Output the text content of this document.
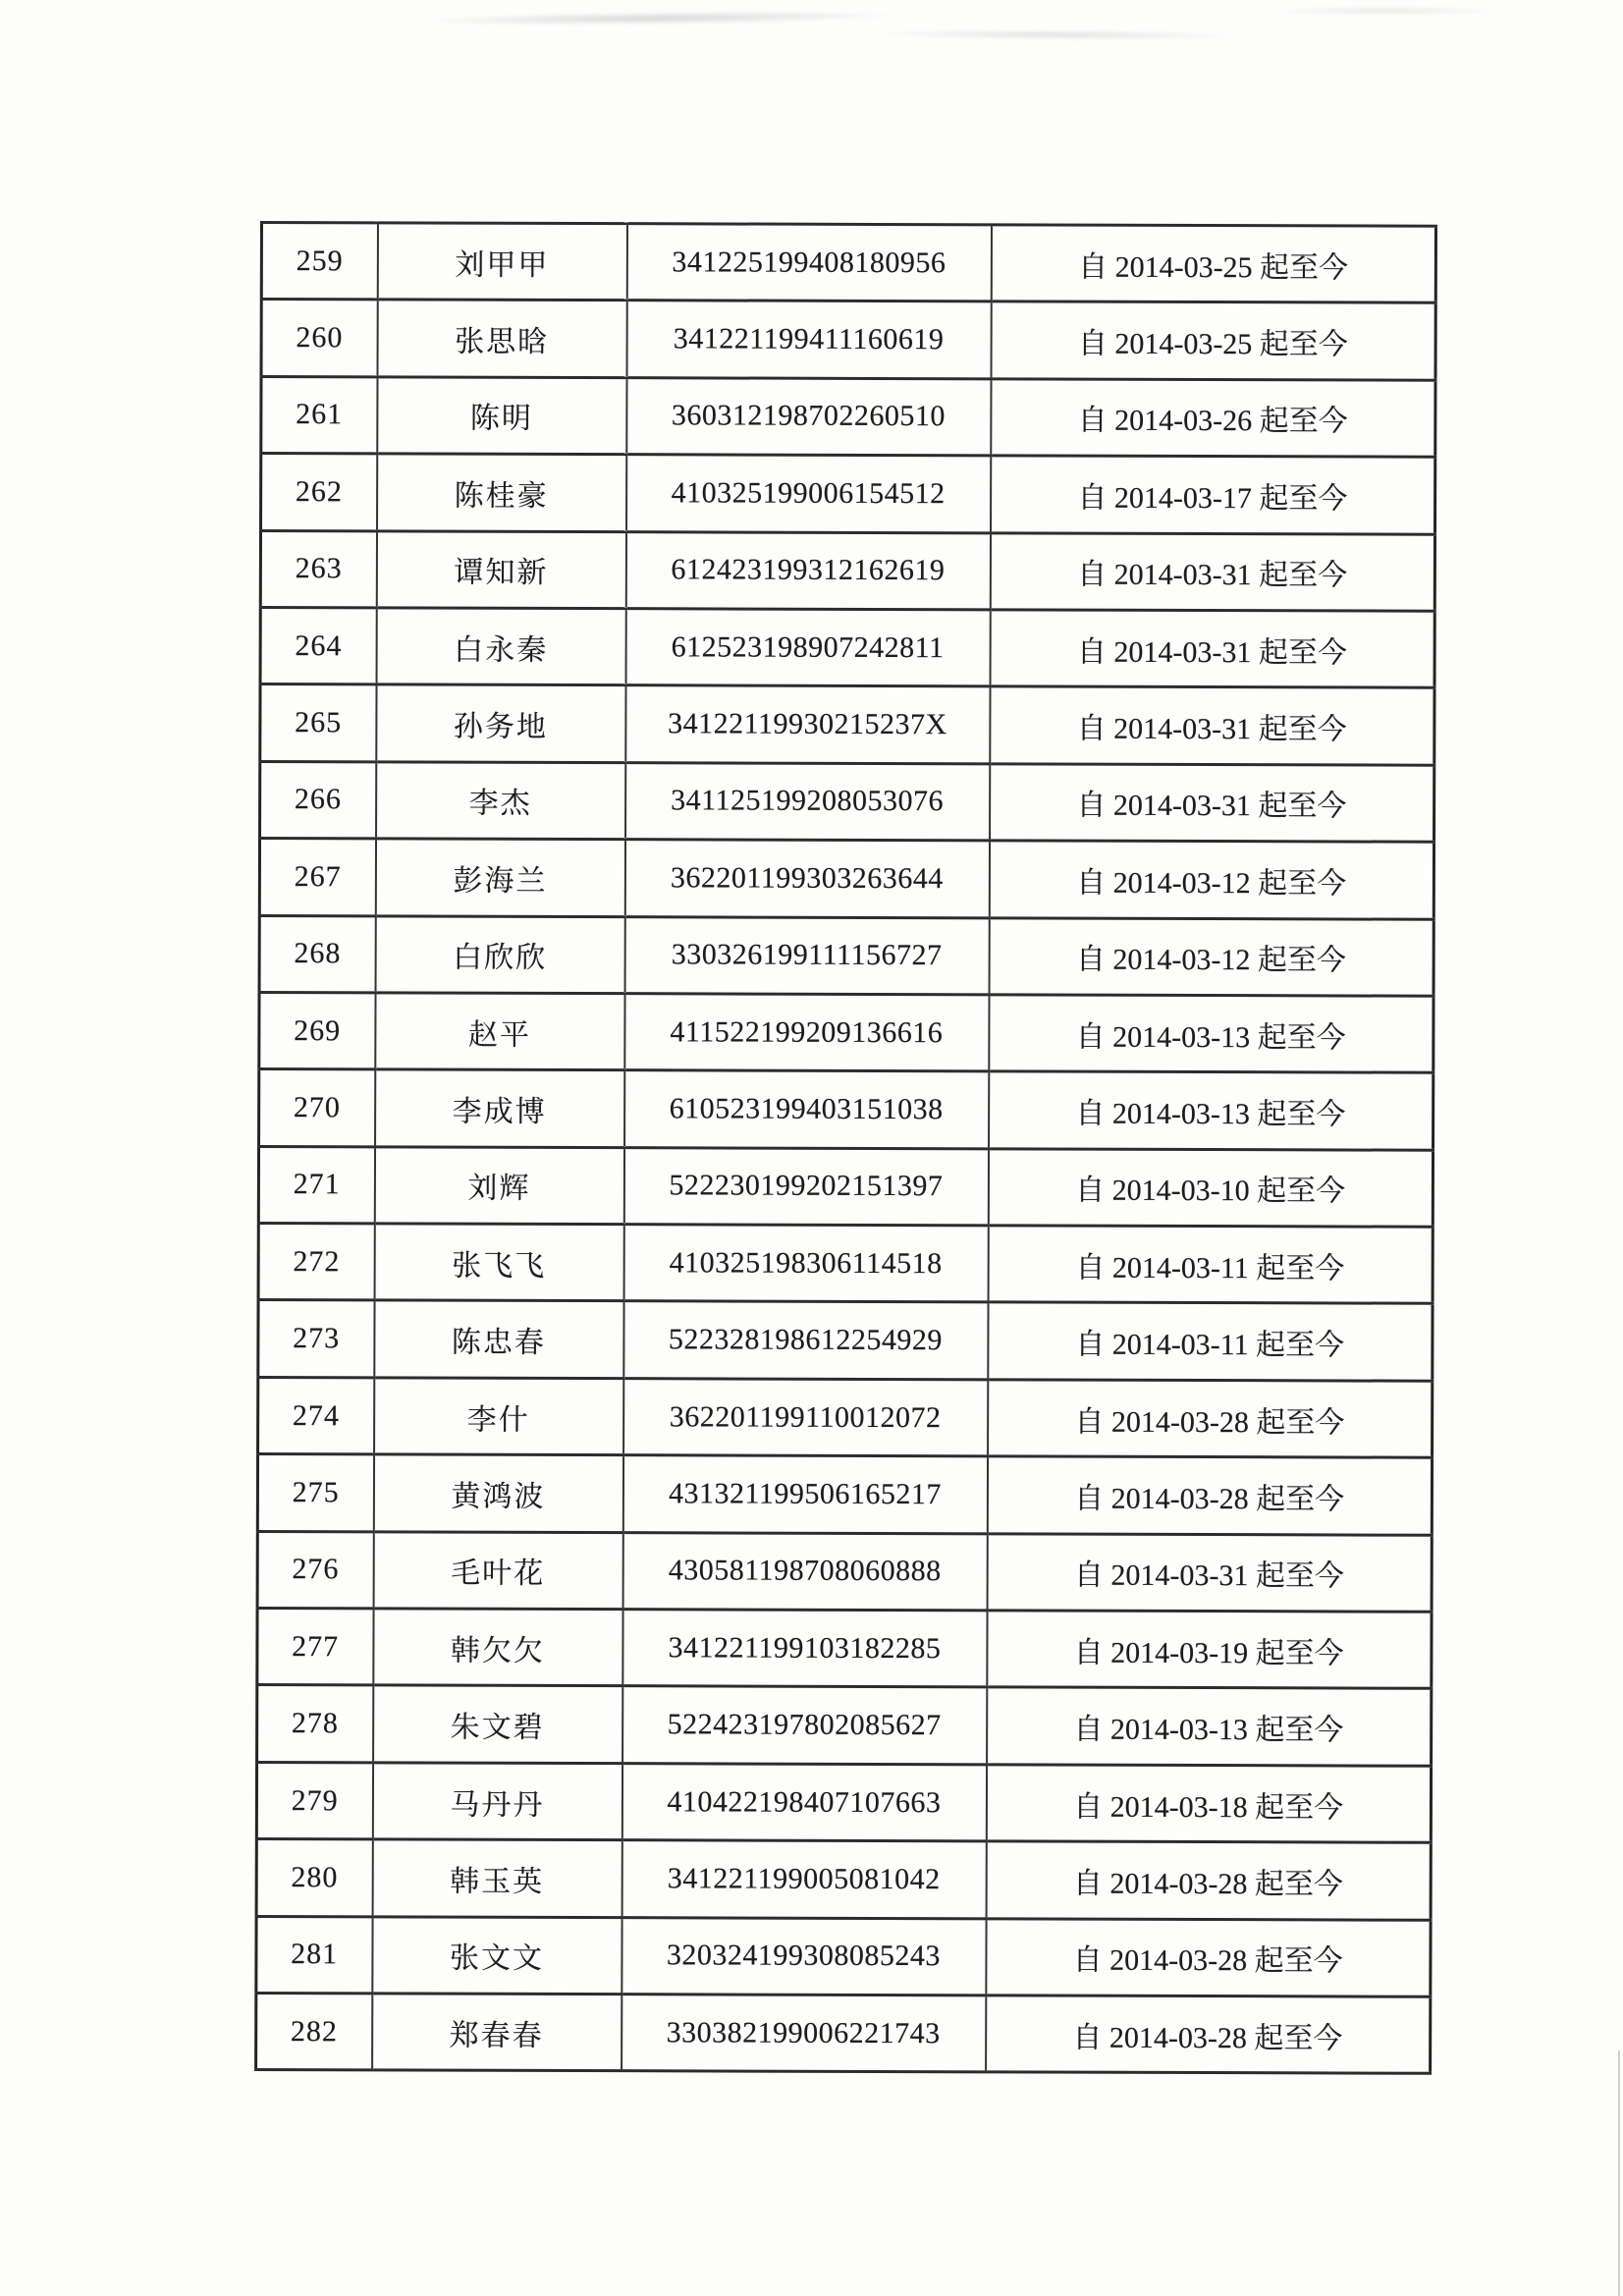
259	刘甲甲	341225199408180956	自 2014-03-25 起至今
260	张思晗	341221199411160619	自 2014-03-25 起至今
261	陈明	360312198702260510	自 2014-03-26 起至今
262	陈桂豪	410325199006154512	自 2014-03-17 起至今
263	谭知新	612423199312162619	自 2014-03-31 起至今
264	白永秦	612523198907242811	自 2014-03-31 起至今
265	孙务地	34122119930215237X	自 2014-03-31 起至今
266	李杰	341125199208053076	自 2014-03-31 起至今
267	彭海兰	362201199303263644	自 2014-03-12 起至今
268	白欣欣	330326199111156727	自 2014-03-12 起至今
269	赵平	411522199209136616	自 2014-03-13 起至今
270	李成博	610523199403151038	自 2014-03-13 起至今
271	刘辉	522230199202151397	自 2014-03-10 起至今
272	张飞飞	410325198306114518	自 2014-03-11 起至今
273	陈忠春	522328198612254929	自 2014-03-11 起至今
274	李什	362201199110012072	自 2014-03-28 起至今
275	黄鸿波	431321199506165217	自 2014-03-28 起至今
276	毛叶花	430581198708060888	自 2014-03-31 起至今
277	韩欠欠	341221199103182285	自 2014-03-19 起至今
278	朱文碧	522423197802085627	自 2014-03-13 起至今
279	马丹丹	410422198407107663	自 2014-03-18 起至今
280	韩玉英	341221199005081042	自 2014-03-28 起至今
281	张文文	320324199308085243	自 2014-03-28 起至今
282	郑春春	330382199006221743	自 2014-03-28 起至今
